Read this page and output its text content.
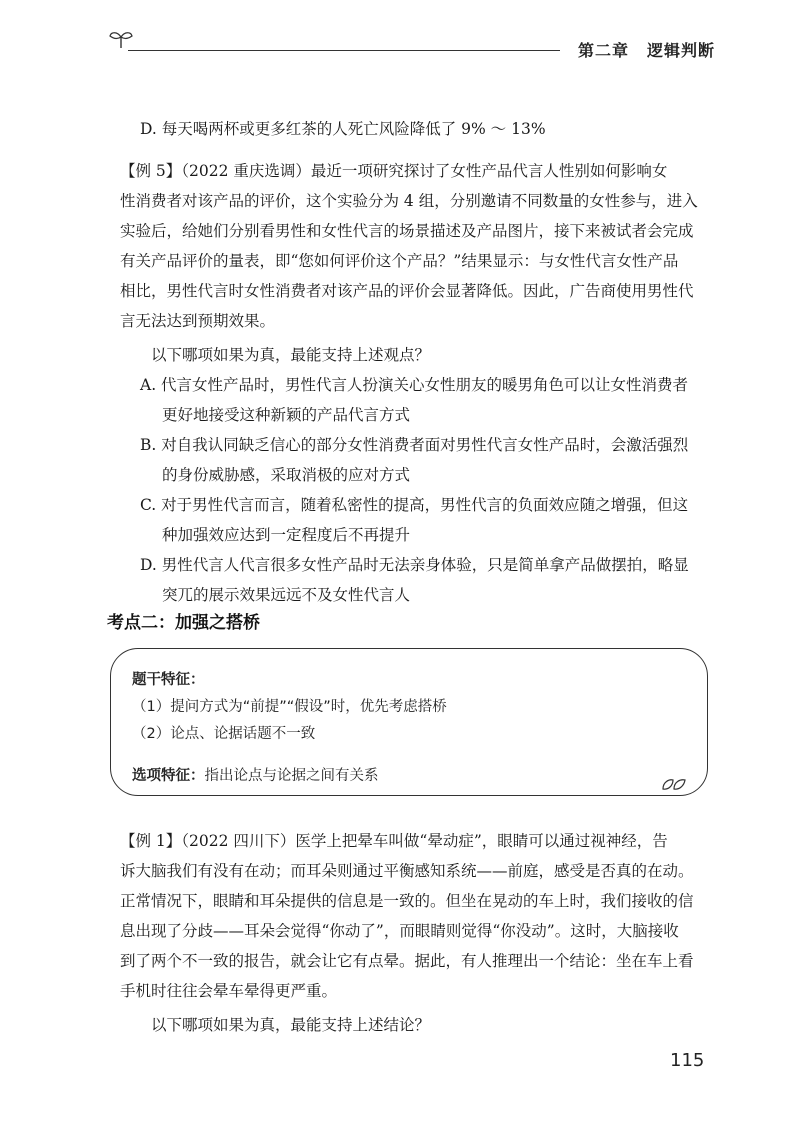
第二章 逻辑判断
D. 每天喝两杯或更多红茶的人死亡风险降低了 9% ～ 13%
【例 5】（2022 重庆选调）最近一项研究探讨了女性产品代言人性别如何影响女
性消费者对该产品的评价，这个实验分为 4 组，分别邀请不同数量的女性参与，进入
实验后，给她们分别看男性和女性代言的场景描述及产品图片，接下来被试者会完成
有关产品评价的量表，即“您如何评价这个产品？”结果显示：与女性代言女性产品
相比，男性代言时女性消费者对该产品的评价会显著降低。因此，广告商使用男性代
言无法达到预期效果。
以下哪项如果为真，最能支持上述观点？
A. 代言女性产品时，男性代言人扮演关心女性朋友的暖男角色可以让女性消费者
更好地接受这种新颖的产品代言方式
B. 对自我认同缺乏信心的部分女性消费者面对男性代言女性产品时，会激活强烈
的身份威胁感，采取消极的应对方式
C. 对于男性代言而言，随着私密性的提高，男性代言的负面效应随之增强，但这
种加强效应达到一定程度后不再提升
D. 男性代言人代言很多女性产品时无法亲身体验，只是简单拿产品做摆拍，略显
突兀的展示效果远远不及女性代言人
考点二：加强之搭桥
题干特征：
（1）提问方式为“前提”“假设”时，优先考虑搭桥
（2）论点、论据话题不一致
选项特征：指出论点与论据之间有关系
【例 1】（2022 四川下）医学上把晕车叫做“晕动症”，眼睛可以通过视神经，告
诉大脑我们有没有在动；而耳朵则通过平衡感知系统——前庭，感受是否真的在动。
正常情况下，眼睛和耳朵提供的信息是一致的。但坐在晃动的车上时，我们接收的信
息出现了分歧——耳朵会觉得“你动了”，而眼睛则觉得“你没动”。这时，大脑接收
到了两个不一致的报告，就会让它有点晕。据此，有人推理出一个结论：坐在车上看
手机时往往会晕车晕得更严重。
以下哪项如果为真，最能支持上述结论？
115
